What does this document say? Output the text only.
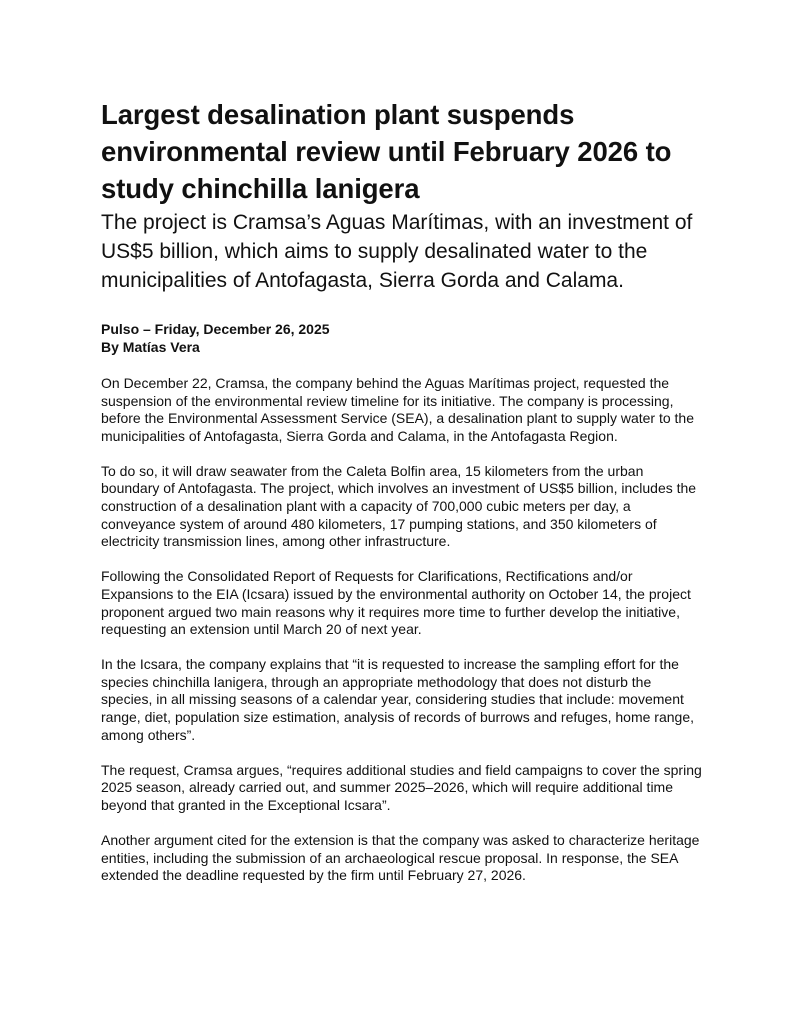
Largest desalination plant suspends environmental review until February 2026 to study chinchilla lanigera
The project is Cramsa’s Aguas Marítimas, with an investment of US$5 billion, which aims to supply desalinated water to the municipalities of Antofagasta, Sierra Gorda and Calama.
Pulso – Friday, December 26, 2025
By Matías Vera

On December 22, Cramsa, the company behind the Aguas Marítimas project, requested the suspension of the environmental review timeline for its initiative. The company is processing, before the Environmental Assessment Service (SEA), a desalination plant to supply water to the municipalities of Antofagasta, Sierra Gorda and Calama, in the Antofagasta Region.

To do so, it will draw seawater from the Caleta Bolfin area, 15 kilometers from the urban boundary of Antofagasta. The project, which involves an investment of US$5 billion, includes the construction of a desalination plant with a capacity of 700,000 cubic meters per day, a conveyance system of around 480 kilometers, 17 pumping stations, and 350 kilometers of electricity transmission lines, among other infrastructure.

Following the Consolidated Report of Requests for Clarifications, Rectifications and/or Expansions to the EIA (Icsara) issued by the environmental authority on October 14, the project proponent argued two main reasons why it requires more time to further develop the initiative, requesting an extension until March 20 of next year.

In the Icsara, the company explains that “it is requested to increase the sampling effort for the species chinchilla lanigera, through an appropriate methodology that does not disturb the species, in all missing seasons of a calendar year, considering studies that include: movement range, diet, population size estimation, analysis of records of burrows and refuges, home range, among others”.

The request, Cramsa argues, “requires additional studies and field campaigns to cover the spring 2025 season, already carried out, and summer 2025–2026, which will require additional time beyond that granted in the Exceptional Icsara”.

Another argument cited for the extension is that the company was asked to characterize heritage entities, including the submission of an archaeological rescue proposal. In response, the SEA extended the deadline requested by the firm until February 27, 2026.
